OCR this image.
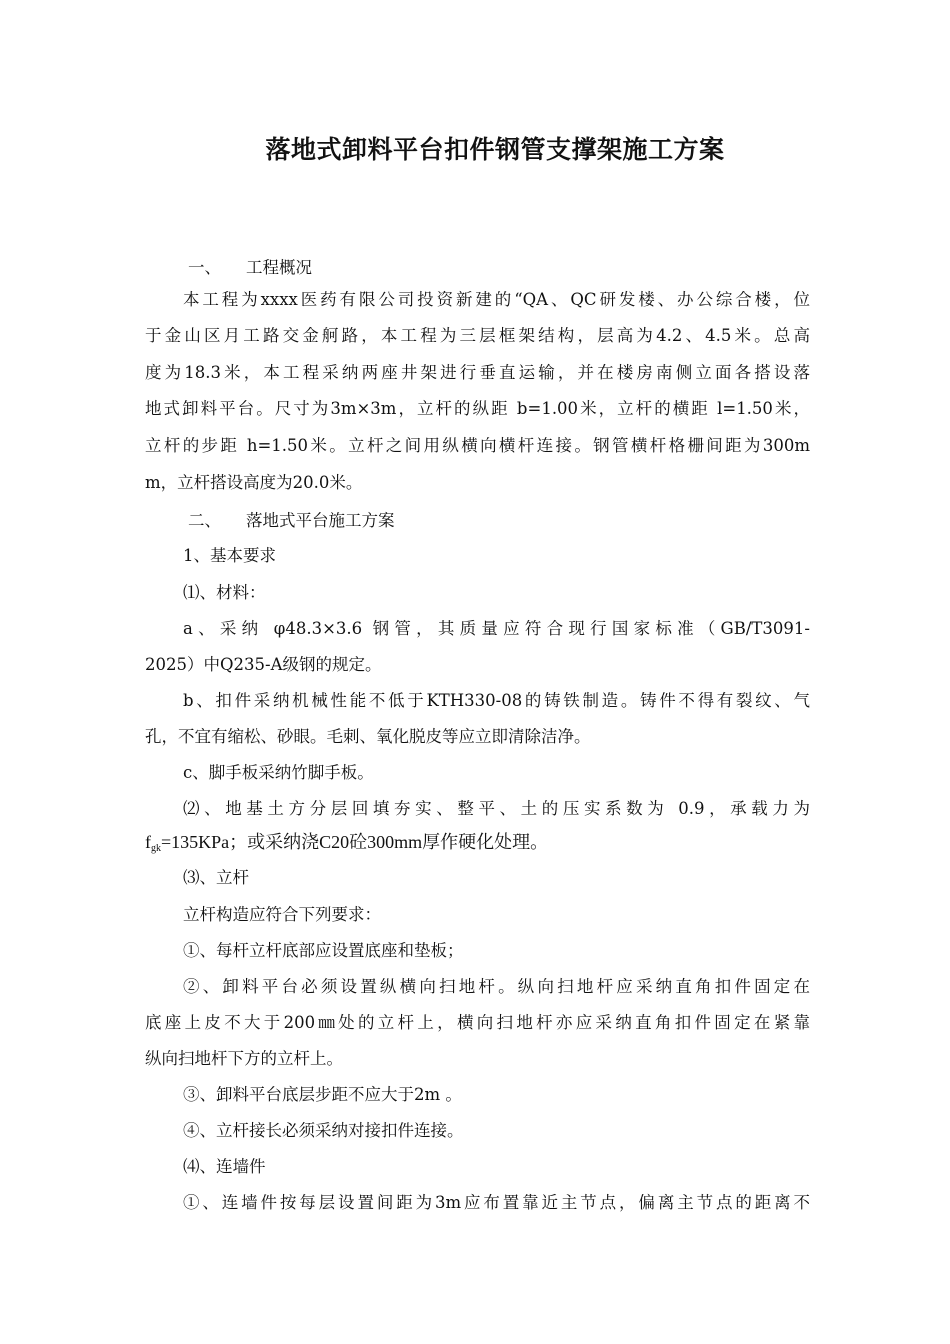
落地式卸料平台扣件钢管支撑架施工方案
一、 工程概况
本工程为xxxx医药有限公司投资新建的“QA、QC研发楼、办公综合楼，位
于金山区月工路交金舸路，本工程为三层框架结构，层高为4.2、4.5米。总高
度为18.3米，本工程采纳两座井架进行垂直运输，并在楼房南侧立面各搭设落
地式卸料平台。尺寸为3m×3m，立杆的纵距 b=1.00米，立杆的横距 l=1.50米，
立杆的步距 h=1.50米。立杆之间用纵横向横杆连接。钢管横杆格栅间距为300m
m，立杆搭设高度为20.0米。
二、 落地式平台施工方案
1、基本要求
⑴、材料：
a、采纳 φ48.3×3.6 钢管，其质量应符合现行国家标准（GB/T3091-
2025）中Q235-A级钢的规定。
b、扣件采纳机械性能不低于KTH330-08的铸铁制造。铸件不得有裂纹、气
孔，不宜有缩松、砂眼。毛刺、氧化脱皮等应立即清除洁净。
c、脚手板采纳竹脚手板。
⑵、地基土方分层回填夯实、整平、土的压实系数为 0.9，承载力为
$f_{gk}=135KPa$；或采纳浇C20砼300mm厚作硬化处理。
⑶、立杆
立杆构造应符合下列要求：
①、每杆立杆底部应设置底座和垫板；
②、卸料平台必须设置纵横向扫地杆。纵向扫地杆应采纳直角扣件固定在
底座上皮不大于200㎜处的立杆上，横向扫地杆亦应采纳直角扣件固定在紧靠
纵向扫地杆下方的立杆上。
③、卸料平台底层步距不应大于2m 。
④、立杆接长必须采纳对接扣件连接。
⑷、连墙件
①、连墙件按每层设置间距为3m应布置靠近主节点，偏离主节点的距离不
